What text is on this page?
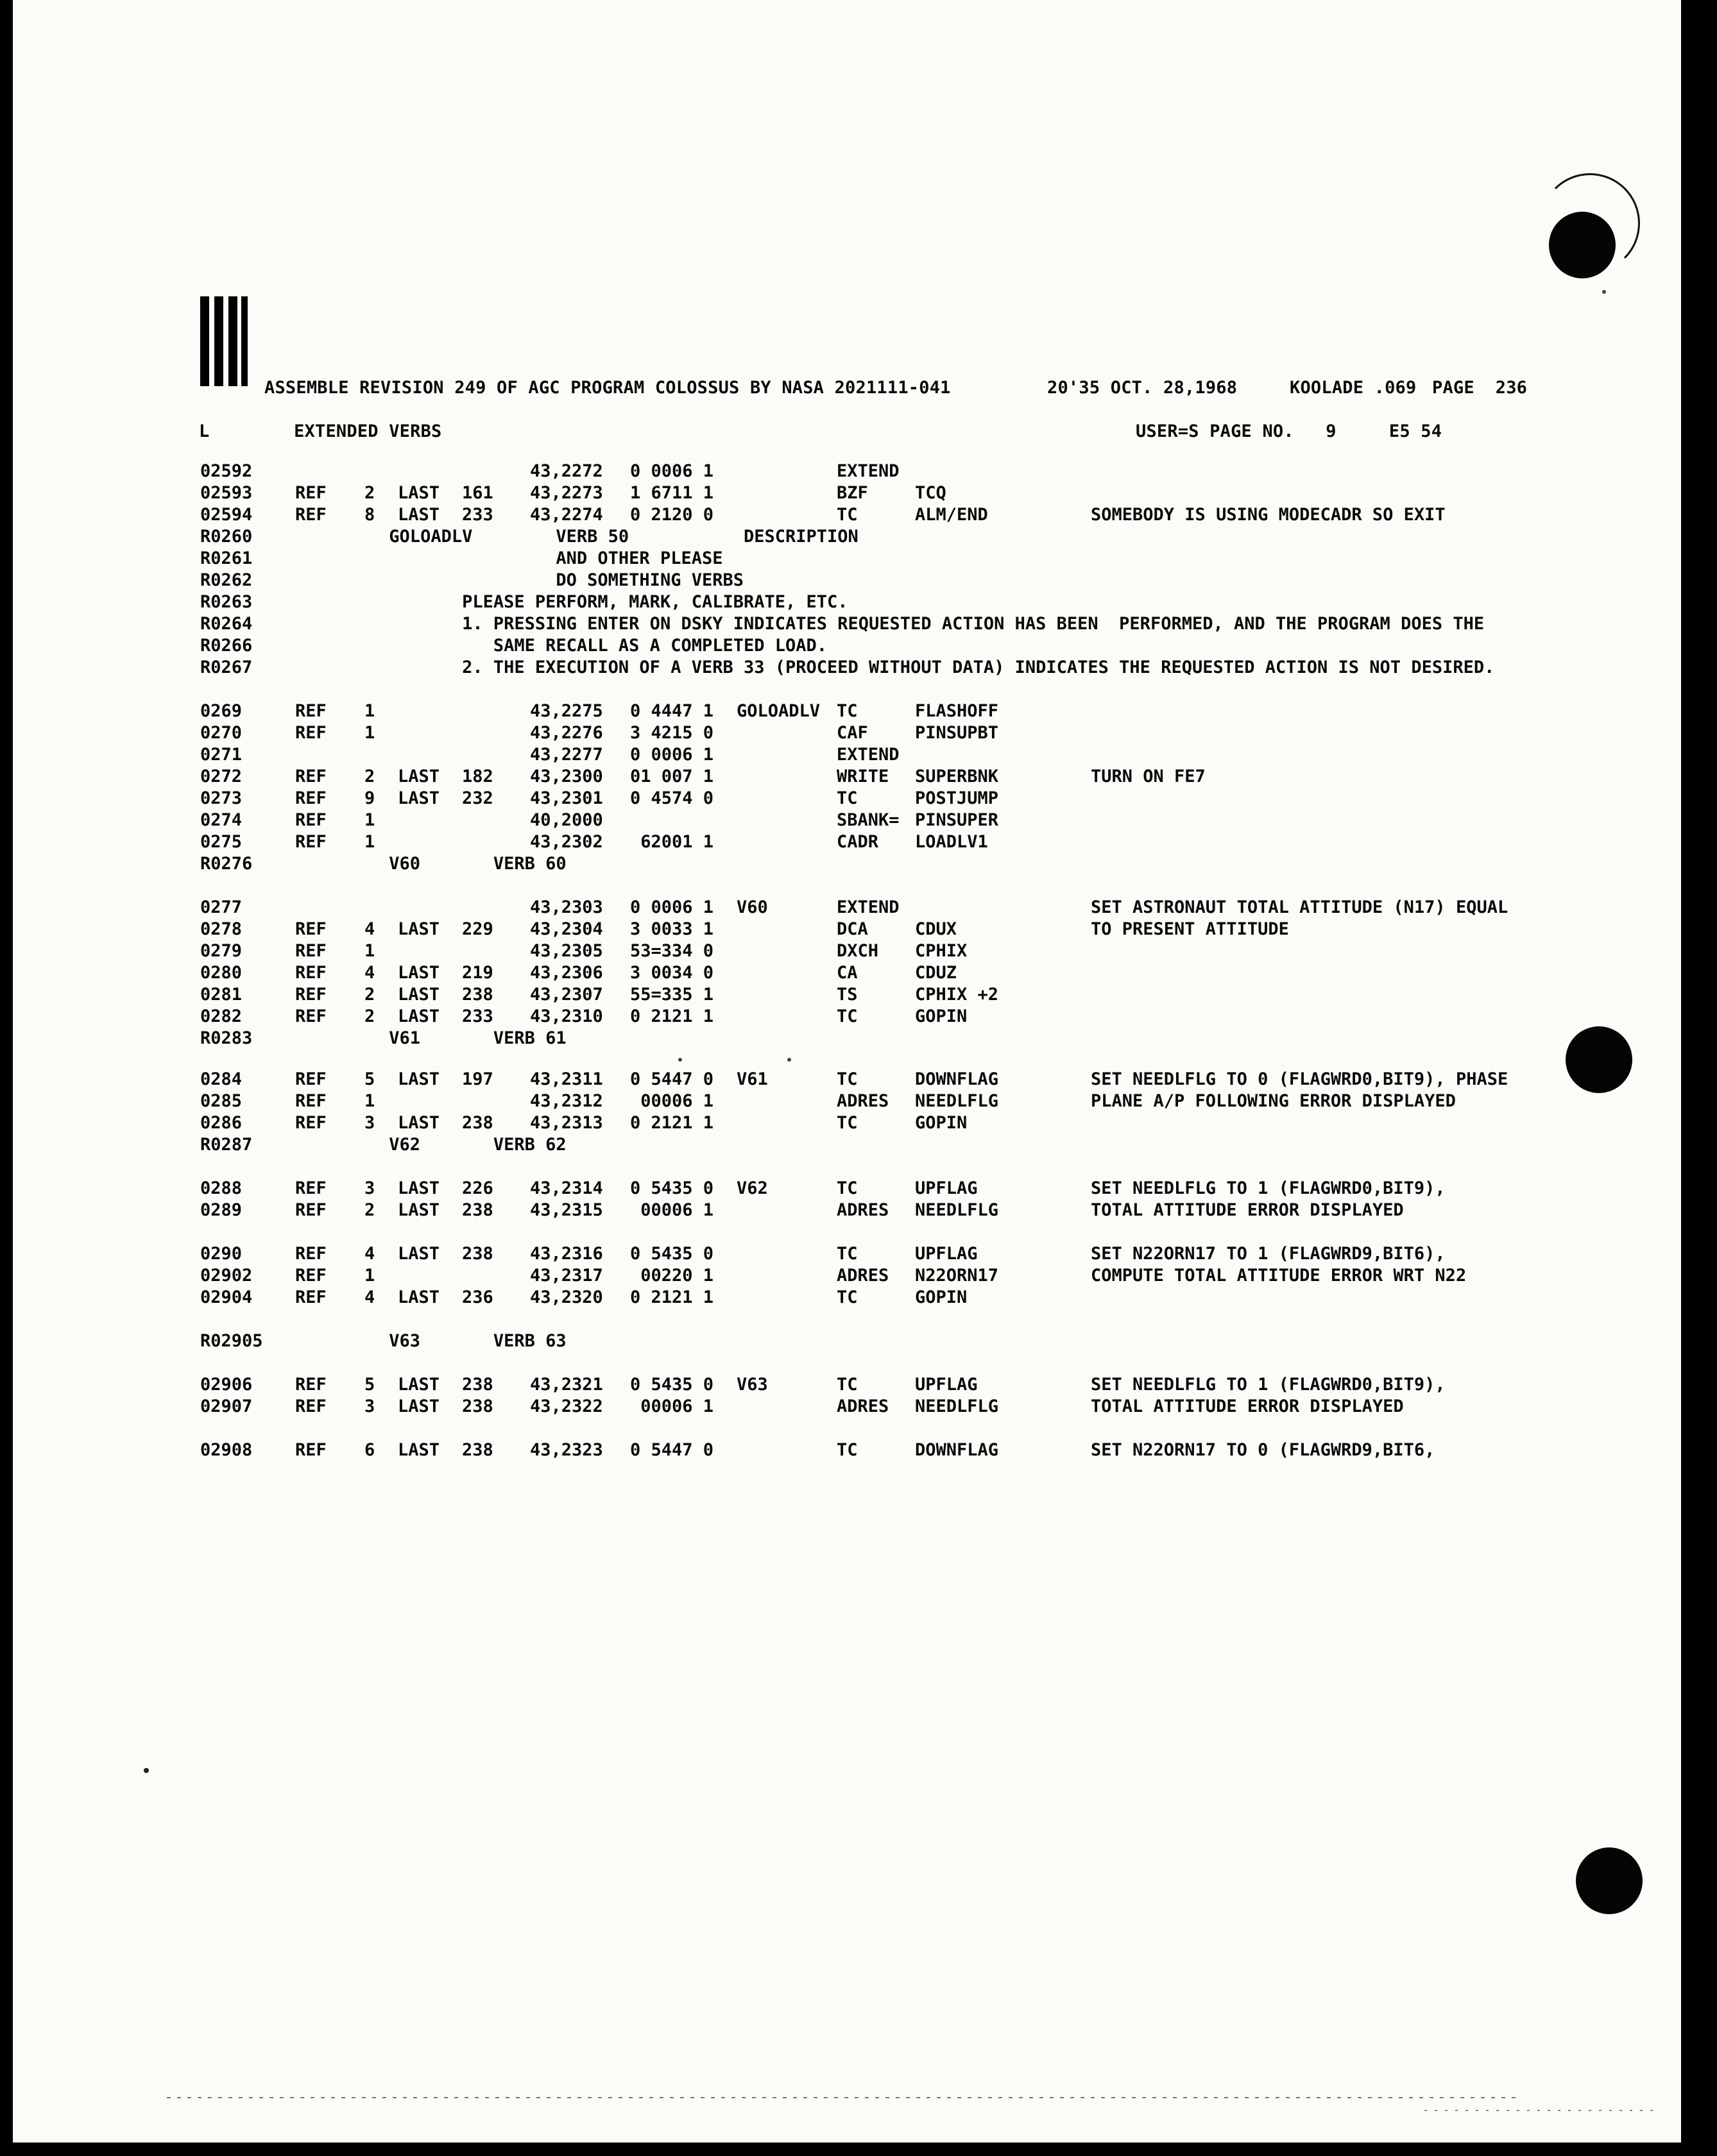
ASSEMBLE REVISION 249 OF AGC PROGRAM COLOSSUS BY NASA 2021111-041	20'35 OCT. 28,1968	KOOLADE .069 PAGE  236
L        EXTENDED VERBS	USER=S PAGE NO.   9     E5 54
02592	43,2272 0 0006 1	EXTEND
02593 REF 2 LAST 161 43,2273 1 6711 1	BZF	TCQ
02594 REF 8 LAST 233 43,2274 0 2120 0	TC	ALM/END	SOMEBODY IS USING MODECADR SO EXIT
R0260 GOLOADLV        VERB 50           DESCRIPTION
R0261 AND OTHER PLEASE
R0262 DO SOMETHING VERBS
R0263 PLEASE PERFORM, MARK, CALIBRATE, ETC.
R0264 1. PRESSING ENTER ON DSKY INDICATES REQUESTED ACTION HAS BEEN  PERFORMED, AND THE PROGRAM DOES THE
R0266 SAME RECALL AS A COMPLETED LOAD.
R0267 2. THE EXECUTION OF A VERB 33 (PROCEED WITHOUT DATA) INDICATES THE REQUESTED ACTION IS NOT DESIRED.
0269	REF 1	43,2275 0 4447 1 GOLOADLV TC	FLASHOFF
0270	REF 1	43,2276 3 4215 0	CAF	PINSUPBT
0271	43,2277 0 0006 1	EXTEND
0272	REF 2 LAST 182 43,2300 01 007 1	WRITE SUPERBNK	TURN ON FE7
0273	REF 9 LAST 232 43,2301 0 4574 0	TC	POSTJUMP
0274	REF 1	40,2000	SBANK= PINSUPER
0275	REF 1	43,2302 62001 1	CADR LOADLV1
R0276 V60       VERB 60
0277	43,2303 0 0006 1 V60	EXTEND	SET ASTRONAUT TOTAL ATTITUDE (N17) EQUAL
0278	REF 4 LAST 229 43,2304 3 0033 1	DCA	CDUX	TO PRESENT ATTITUDE
0279	REF 1	43,2305 53=334 0	DXCH CPHIX
0280	REF 4 LAST 219 43,2306 3 0034 0	CA	CDUZ
0281	REF 2 LAST 238 43,2307 55=335 1	TS	CPHIX +2
0282	REF 2 LAST 233 43,2310 0 2121 1	TC	GOPIN
R0283 V61       VERB 61
0284	REF 5 LAST 197 43,2311 0 5447 0 V61	TC	DOWNFLAG	SET NEEDLFLG TO 0 (FLAGWRD0,BIT9), PHASE
0285	REF 1	43,2312 00006 1	ADRES NEEDLFLG	PLANE A/P FOLLOWING ERROR DISPLAYED
0286	REF 3 LAST 238 43,2313 0 2121 1	TC	GOPIN
R0287 V62       VERB 62
0288	REF 3 LAST 226 43,2314 0 5435 0 V62	TC	UPFLAG	SET NEEDLFLG TO 1 (FLAGWRD0,BIT9),
0289	REF 2 LAST 238 43,2315 00006 1	ADRES NEEDLFLG	TOTAL ATTITUDE ERROR DISPLAYED
0290	REF 4 LAST 238 43,2316 0 5435 0	TC	UPFLAG	SET N22ORN17 TO 1 (FLAGWRD9,BIT6),
02902 REF 1	43,2317 00220 1	ADRES N22ORN17	COMPUTE TOTAL ATTITUDE ERROR WRT N22
02904 REF 4 LAST 236 43,2320 0 2121 1	TC	GOPIN
R02905 V63       VERB 63
02906 REF 5 LAST 238 43,2321 0 5435 0 V63	TC	UPFLAG	SET NEEDLFLG TO 1 (FLAGWRD0,BIT9),
02907 REF 3 LAST 238 43,2322 00006 1	ADRES NEEDLFLG	TOTAL ATTITUDE ERROR DISPLAYED
02908 REF 6 LAST 238 43,2323 0 5447 0	TC	DOWNFLAG	SET N22ORN17 TO 0 (FLAGWRD9,BIT6,
